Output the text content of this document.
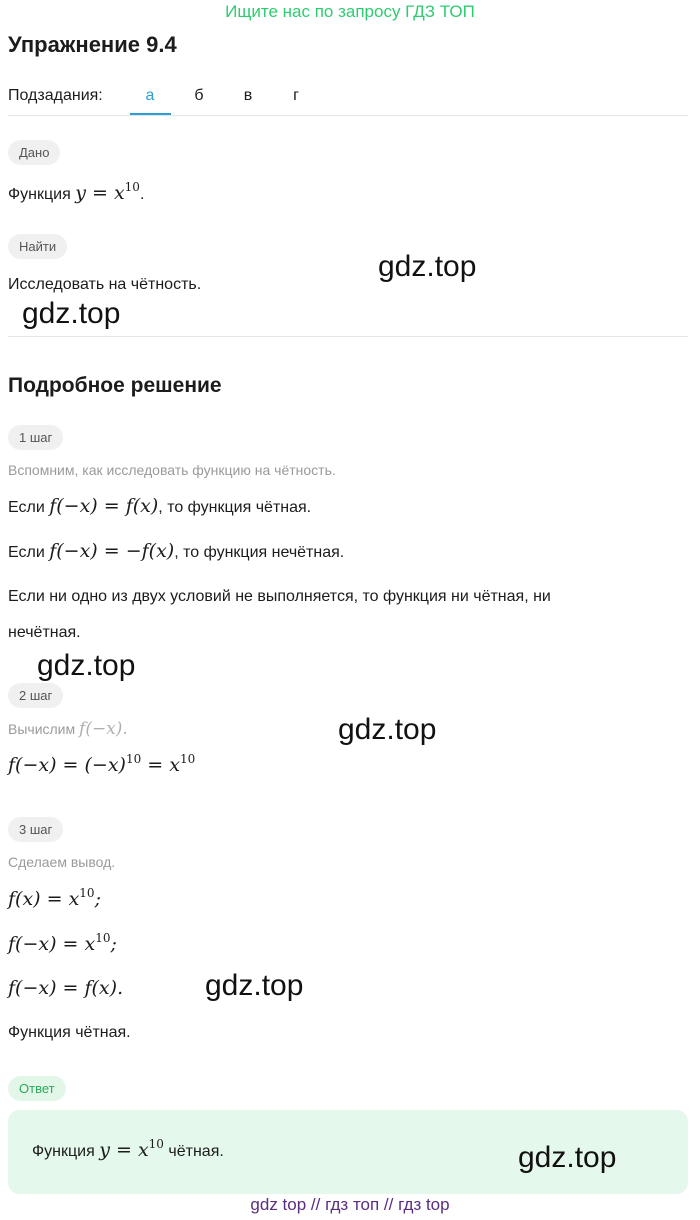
Ищите нас по запросу ГДЗ ТОП
Упражнение 9.4
Подзадания:	а	б	в	г
Дано
Функция $y = x^{10}$.
Найти
Исследовать на чётность.
Подробное решение
1 шаг
Вспомним, как исследовать функцию на чётность.
Если f(−x) = f(x), то функция чётная.
Если f(−x) = −f(x), то функция нечётная.
Если ни одно из двух условий не выполняется, то функция ни чётная, ни
нечётная.
2 шаг
Вычислим f(−x).
$f(-x) = (-x)^{10} = x^{10}$
3 шаг
Сделаем вывод.
$f(x) = x^{10}$;
$f(-x) = x^{10}$;
f(−x) = f(x).
Функция чётная.
Ответ
Функция $y = x^{10}$ чётная.
gdz.top
gdz.top
gdz.top
gdz.top
gdz.top
gdz.top
gdz top // гдз топ // гдз top
